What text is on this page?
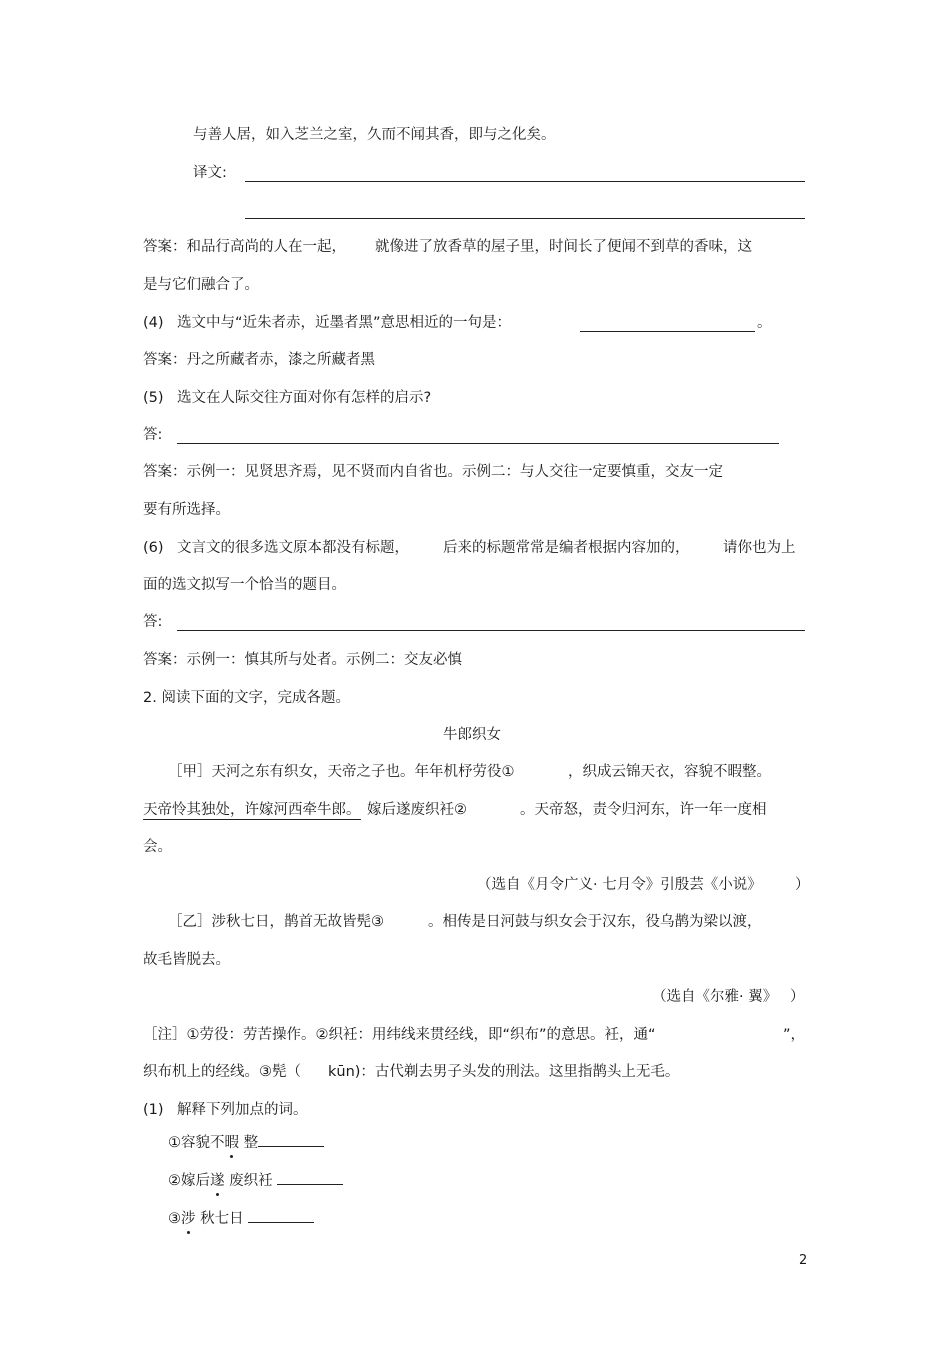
与善人居，如入芝兰之室，久而不闻其香，即与之化矣。
译文:
答案：和品行高尚的人在一起， 就像进了放香草的屋子里，时间长了便闻不到草的香味，这
是与它们融合了。
(4) 选文中与“近朱者赤，近墨者黑”意思相近的一句是：	。
答案：丹之所藏者赤，漆之所藏者黑
(5) 选文在人际交往方面对你有怎样的启示?
答:
答案：示例一：见贤思齐焉，见不贤而内自省也。示例二：与人交往一定要慎重，交友一定
要有所选择。
(6) 文言文的很多选文原本都没有标题， 后来的标题常常是编者根据内容加的， 请你也为上
面的选文拟写一个恰当的题目。
答:
答案：示例一：慎其所与处者。示例二：交友必慎
2. 阅读下面的文字，完成各题。
牛郎织女
［甲］天河之东有织女，天帝之子也。年年机杼劳役①	，织成云锦天衣，容貌不暇整。
天帝怜其独处，许嫁河西牵牛郎。 嫁后遂废织衽②	。天帝怒，责令归河东，许一年一度相
会。
（选自《月令广义· 七月令》引殷芸《小说》 ）
［乙］涉秋七日，鹊首无故皆髡③	。相传是日河鼓与织女会于汉东，役乌鹊为梁以渡，
故毛皆脱去。
（选自《尔雅· 翼》 ）
［注］①劳役：劳苦操作。②织衽：用纬线来贯经线，即“织布”的意思。衽，通“	”，
织布机上的经线。③髡（ kūn)：古代剃去男子头发的刑法。这里指鹊头上无毛。
(1) 解释下列加点的词。
①容貌不暇 整
②嫁后遂 废织衽
③涉 秋七日
2
